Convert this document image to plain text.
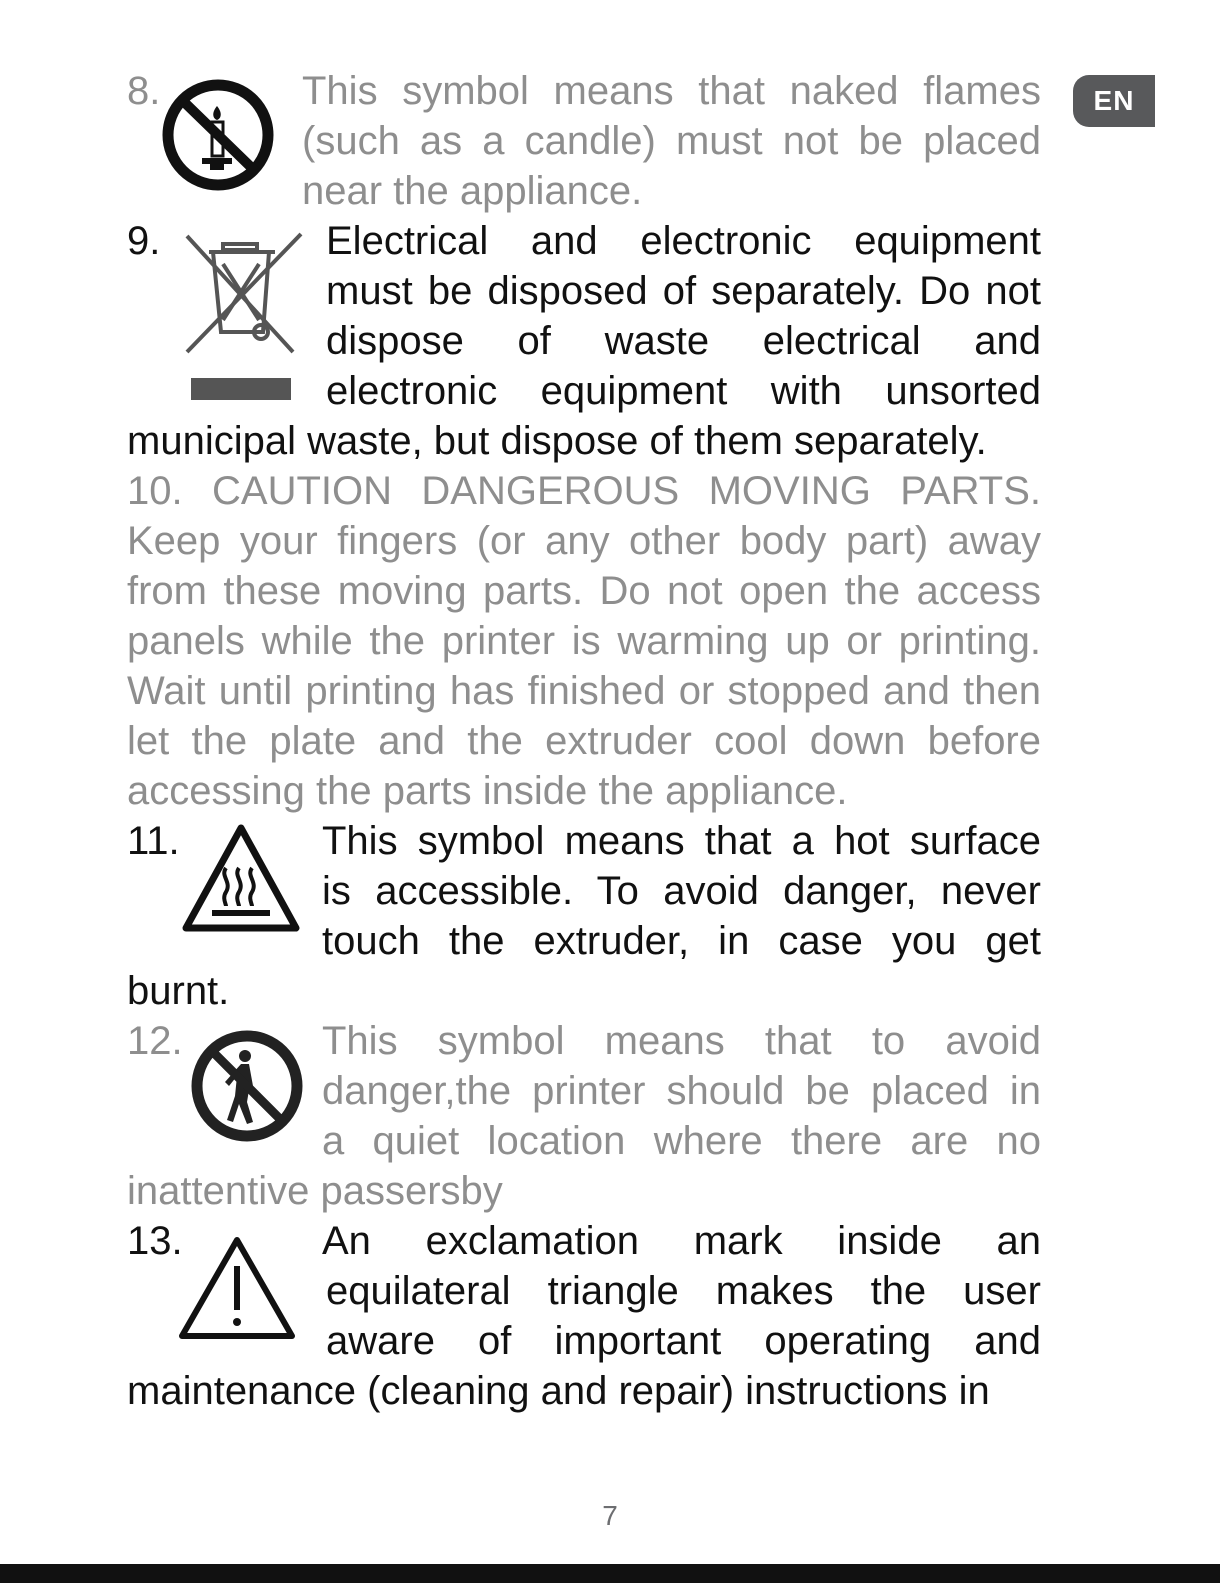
EN
8.	This symbol means that naked flames
(such as a candle) must not be placed
near the appliance.
9.	Electrical and electronic equipment
must be disposed of separately. Do not
dispose of waste electrical and
electronic equipment with unsorted
municipal waste, but dispose of them separately.
10. CAUTION DANGEROUS MOVING PARTS.
Keep your fingers (or any other body part) away
from these moving parts. Do not open the access
panels while the printer is warming up or printing.
Wait until printing has finished or stopped and then
let the plate and the extruder cool down before
accessing the parts inside the appliance.
11.	This symbol means that a hot surface
is accessible. To avoid danger, never
touch the extruder, in case you get
burnt.
12.	This symbol means that to avoid
danger,the printer should be placed in
a quiet location where there are no
inattentive passersby
13.	An exclamation mark inside an
equilateral triangle makes the user
aware of important operating and
maintenance (cleaning and repair) instructions in
7
